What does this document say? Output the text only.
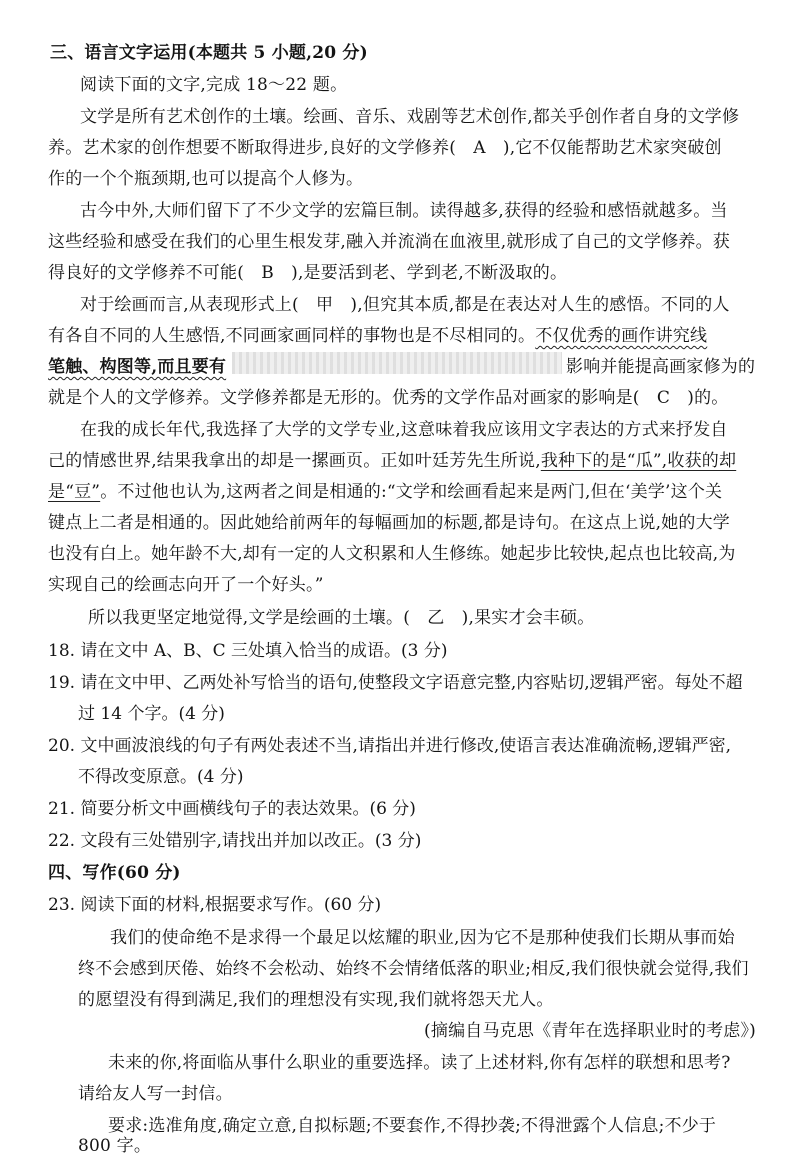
三、语言文字运用(本题共 5 小题,20 分)
阅读下面的文字,完成 18～22 题。
文学是所有艺术创作的土壤。绘画、音乐、戏剧等艺术创作,都关乎创作者自身的文学修
养。艺术家的创作想要不断取得进步,良好的文学修养(　A　),它不仅能帮助艺术家突破创
作的一个个瓶颈期,也可以提高个人修为。
古今中外,大师们留下了不少文学的宏篇巨制。读得越多,获得的经验和感悟就越多。当
这些经验和感受在我们的心里生根发芽,融入并流淌在血液里,就形成了自己的文学修养。获
得良好的文学修养不可能(　B　),是要活到老、学到老,不断汲取的。
对于绘画而言,从表现形式上(　甲　),但究其本质,都是在表达对人生的感悟。不同的人
有各自不同的人生感悟,不同画家画同样的事物也是不尽相同的。不仅优秀的画作讲究线
笔触、构图等,而且要有	影响并能提高画家修为的
就是个人的文学修养。文学修养都是无形的。优秀的文学作品对画家的影响是(　C　)的。
在我的成长年代,我选择了大学的文学专业,这意味着我应该用文字表达的方式来抒发自
己的情感世界,结果我拿出的却是一摞画页。正如叶廷芳先生所说,我种下的是“瓜”,收获的却
是“豆”。不过他也认为,这两者之间是相通的:“文学和绘画看起来是两门,但在‘美学’这个关
键点上二者是相通的。因此她给前两年的每幅画加的标题,都是诗句。在这点上说,她的大学
也没有白上。她年龄不大,却有一定的人文积累和人生修练。她起步比较快,起点也比较高,为
实现自己的绘画志向开了一个好头。”
所以我更坚定地觉得,文学是绘画的土壤。(　乙　),果实才会丰硕。
18. 请在文中 A、B、C 三处填入恰当的成语。(3 分)
19. 请在文中甲、乙两处补写恰当的语句,使整段文字语意完整,内容贴切,逻辑严密。每处不超
过 14 个字。(4 分)
20. 文中画波浪线的句子有两处表述不当,请指出并进行修改,使语言表达准确流畅,逻辑严密,
不得改变原意。(4 分)
21. 简要分析文中画横线句子的表达效果。(6 分)
22. 文段有三处错别字,请找出并加以改正。(3 分)
四、写作(60 分)
23. 阅读下面的材料,根据要求写作。(60 分)
我们的使命绝不是求得一个最足以炫耀的职业,因为它不是那种使我们长期从事而始
终不会感到厌倦、始终不会松动、始终不会情绪低落的职业;相反,我们很快就会觉得,我们
的愿望没有得到满足,我们的理想没有实现,我们就将怨天尤人。
(摘编自马克思《青年在选择职业时的考虑》)
未来的你,将面临从事什么职业的重要选择。读了上述材料,你有怎样的联想和思考?
请给友人写一封信。
要求:选准角度,确定立意,自拟标题;不要套作,不得抄袭;不得泄露个人信息;不少于
800 字。
